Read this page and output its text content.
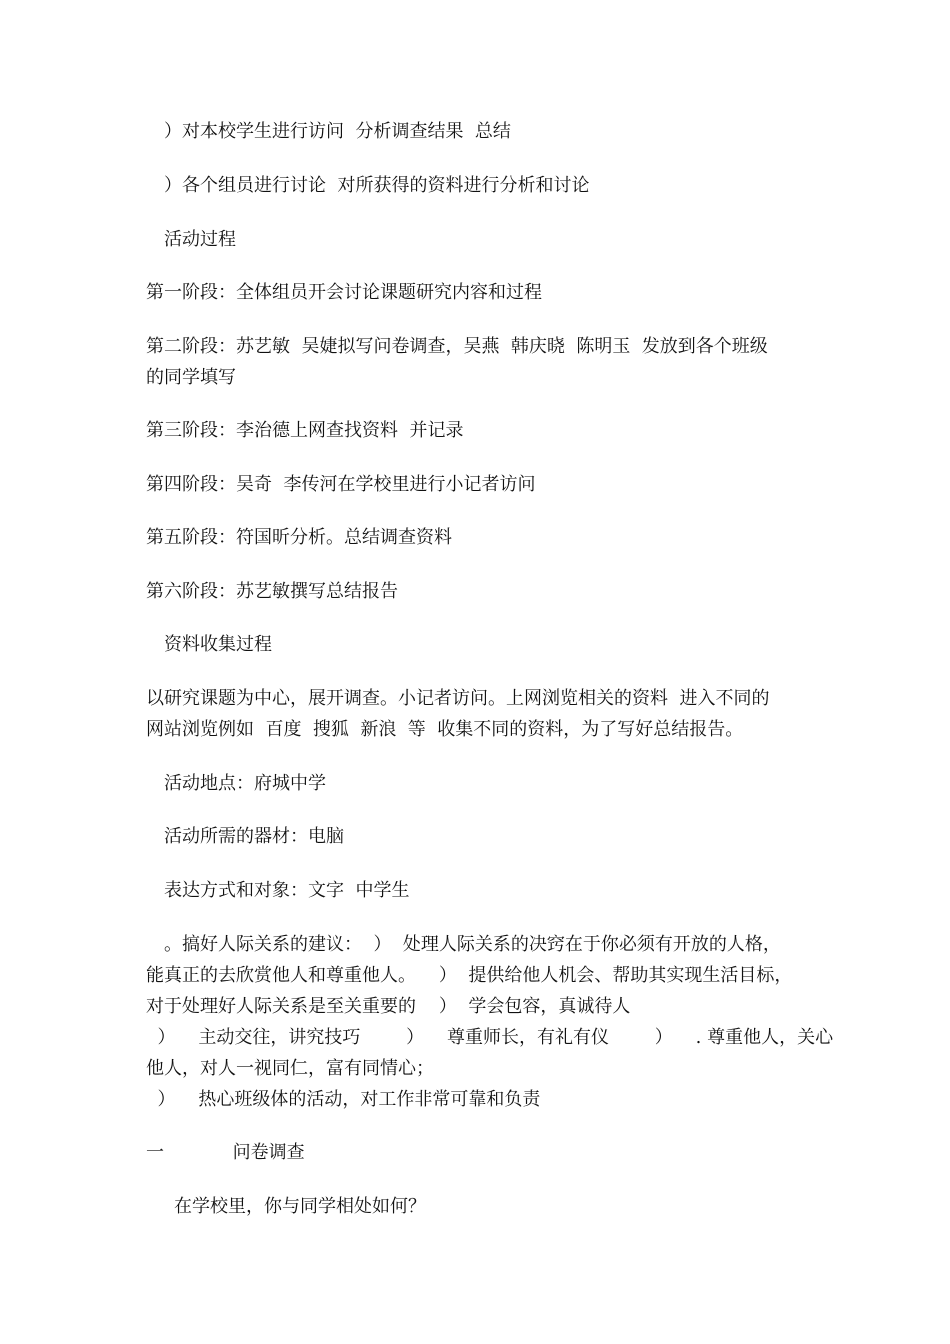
）对本校学生进行访问  分析调查结果  总结

）各个组员进行讨论  对所获得的资料进行分析和讨论

活动过程

第一阶段：全体组员开会讨论课题研究内容和过程

第二阶段：苏艺敏  吴婕拟写问卷调查，吴燕  韩庆晓  陈明玉  发放到各个班级

的同学填写

第三阶段：李治德上网查找资料  并记录

第四阶段：吴奇  李传河在学校里进行小记者访问

第五阶段：符国昕分析。总结调查资料

第六阶段：苏艺敏撰写总结报告

资料收集过程

以研究课题为中心，展开调查。小记者访问。上网浏览相关的资料  进入不同的

网站浏览例如  百度  搜狐  新浪  等  收集不同的资料，为了写好总结报告。

活动地点：府城中学

活动所需的器材：电脑

表达方式和对象：文字  中学生

。搞好人际关系的建议：  ）  处理人际关系的决窍在于你必须有开放的人格，

能真正的去欣赏他人和尊重他人。    ）  提供给他人机会、帮助其实现生活目标，

对于处理好人际关系是至关重要的    ）  学会包容，真诚待人

）    主动交往，讲究技巧        ）    尊重师长，有礼有仪        ）    . 尊重他人，关心

他人，对人一视同仁，富有同情心；

）    热心班级体的活动，对工作非常可靠和负责

一            问卷调查

在学校里，你与同学相处如何？
